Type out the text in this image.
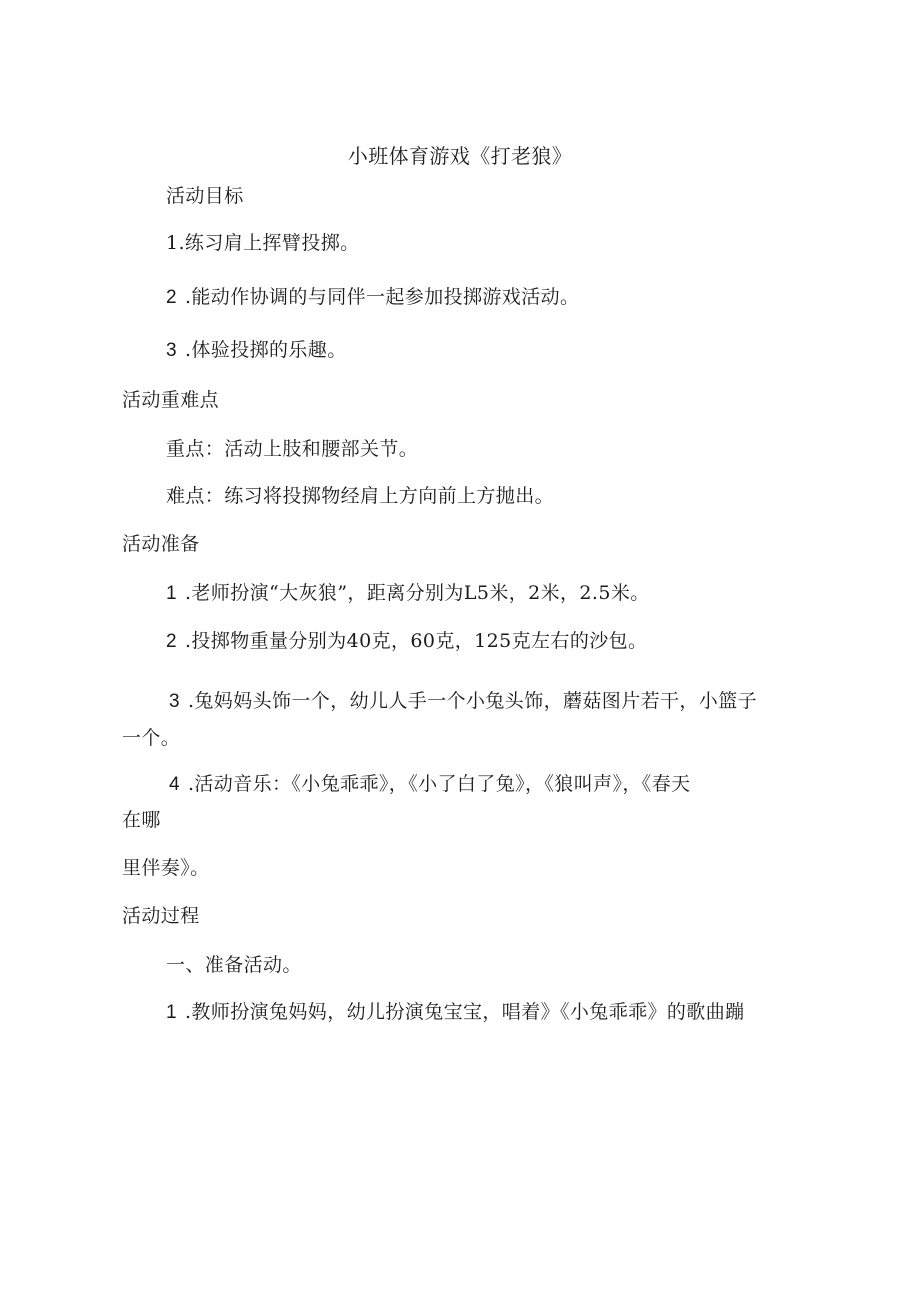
小班体育游戏《打老狼》

活动目标

1.练习肩上挥臂投掷。

2 .能动作协调的与同伴一起参加投掷游戏活动。

3 .体验投掷的乐趣。

活动重难点

重点：活动上肢和腰部关节。

难点：练习将投掷物经肩上方向前上方抛出。

活动准备

1 .老师扮演“大灰狼”，距离分别为L5米，2米，2.5米。

2 .投掷物重量分别为40克，60克，125克左右的沙包。

3 .兔妈妈头饰一个，幼儿人手一个小兔头饰，蘑菇图片若干，小篮子

一个。

4 .活动音乐：《小兔乖乖》，《小了白了兔》，《狼叫声》，《春天

在哪

里伴奏》。

活动过程

一、准备活动。

1 .教师扮演兔妈妈，幼儿扮演兔宝宝，唱着》《小兔乖乖》的歌曲蹦
